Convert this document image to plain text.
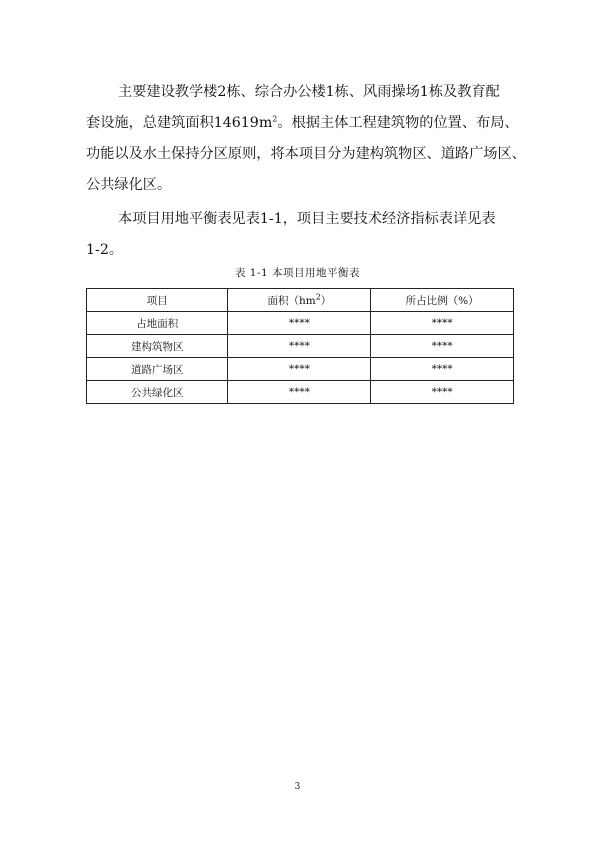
主要建设教学楼2栋、综合办公楼1栋、风雨操场1栋及教育配
套设施，总建筑面积$14619m^2$。根据主体工程建筑物的位置、布局、
功能以及水土保持分区原则，将本项目分为建构筑物区、道路广场区、
公共绿化区。

本项目用地平衡表见表1-1，项目主要技术经济指标表详见表
1-2。

表 1-1 本项目用地平衡表
项目	面积$(hm^2)$	所占比例（%）
占地面积	****	****
建构筑物区	****	****
道路广场区	****	****
公共绿化区	****	****
3
